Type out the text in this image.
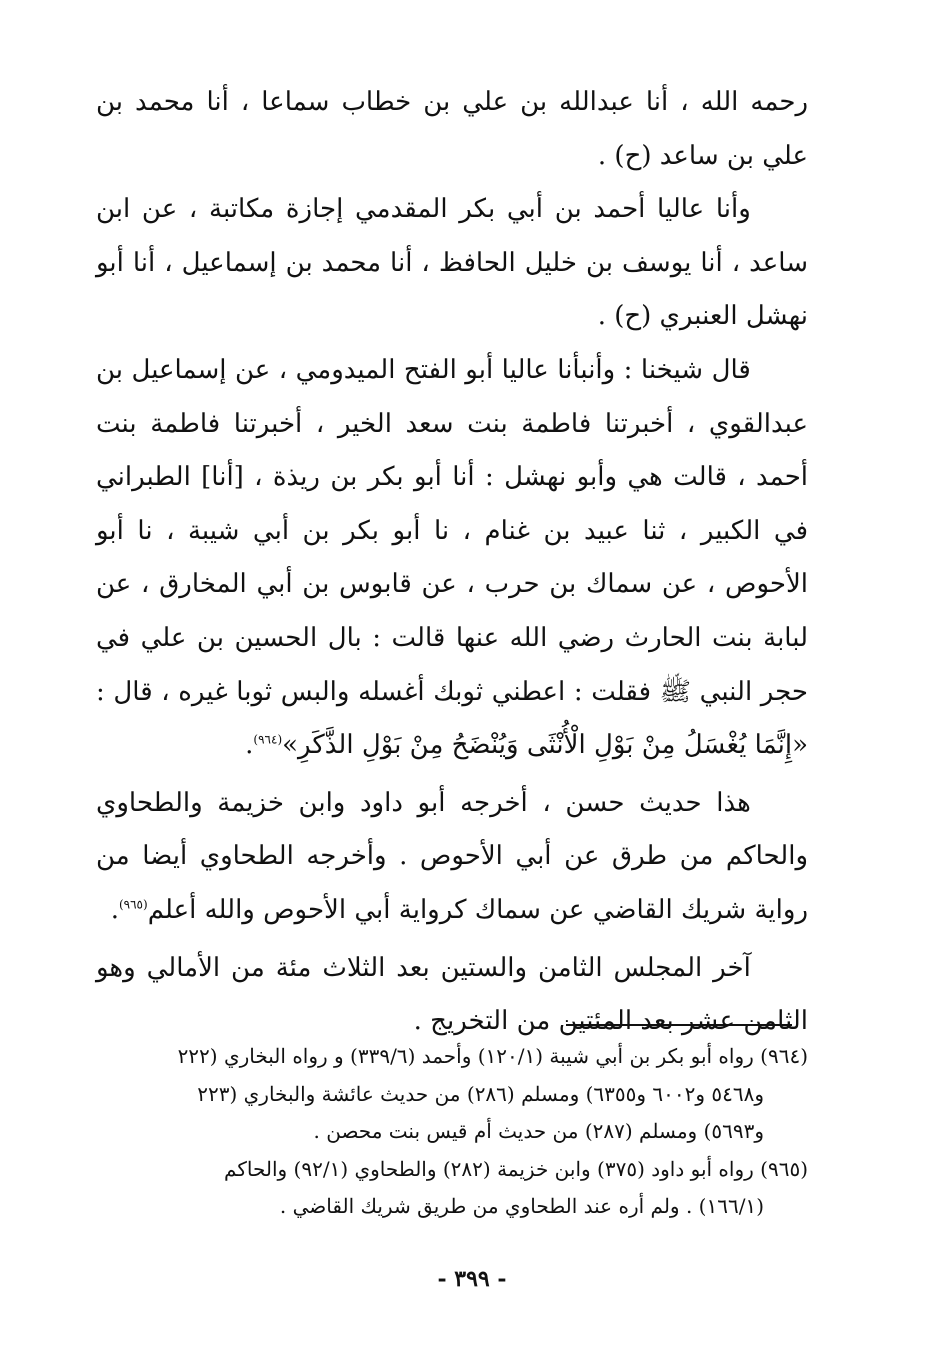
رحمه الله ، أنا عبدالله بن علي بن خطاب سماعا ، أنا محمد بن علي بن ساعد (ح) .

وأنا عاليا أحمد بن أبي بكر المقدمي إجازة مكاتبة ، عن ابن ساعد ، أنا يوسف بن خليل الحافظ ، أنا محمد بن إسماعيل ، أنا أبو نهشل العنبري (ح) .

قال شيخنا : وأنبأنا عاليا أبو الفتح الميدومي ، عن إسماعيل بن عبدالقوي ، أخبرتنا فاطمة بنت سعد الخير ، أخبرتنا فاطمة بنت أحمد ، قالت هي وأبو نهشل : أنا أبو بكر بن ريذة ، [أنا] الطبراني في الكبير ، ثنا عبيد بن غنام ، نا أبو بكر بن أبي شيبة ، نا أبو الأحوص ، عن سماك بن حرب ، عن قابوس بن أبي المخارق ، عن لبابة بنت الحارث رضي الله عنها قالت : بال الحسين بن علي في حجر النبي ﷺ فقلت : اعطني ثوبك أغسله والبس ثوبا غيره ، قال : «إِنَّمَا يُغْسَلُ مِنْ بَوْلِ الْأُنْثَى وَيُنْضَحُ مِنْ بَوْلِ الذَّكَرِ»$^{(٩٦٤)}$.

هذا حديث حسن ، أخرجه أبو داود وابن خزيمة والطحاوي والحاكم من طرق عن أبي الأحوص . وأخرجه الطحاوي أيضا من رواية شريك القاضي عن سماك كرواية أبي الأحوص والله أعلم$^{(٩٦٥)}$.

آخر المجلس الثامن والستين بعد الثلاث مئة من الأمالي وهو الثامن عشر بعد المئتين من التخريج .

(٩٦٤) رواه أبو بكر بن أبي شيبة (١٢٠/١) وأحمد (٣٣٩/٦) و رواه البخاري (٢٢٢

و٥٤٦٨ و٦٠٠٢ و٦٣٥٥) ومسلم (٢٨٦) من حديث عائشة والبخاري (٢٢٣

و٥٦٩٣) ومسلم (٢٨٧) من حديث أم قيس بنت محصن .

(٩٦٥) رواه أبو داود (٣٧٥) وابن خزيمة (٢٨٢) والطحاوي (٩٢/١) والحاكم

(١٦٦/١) . ولم أره عند الطحاوي من طريق شريك القاضي .

- ٣٩٩ -
